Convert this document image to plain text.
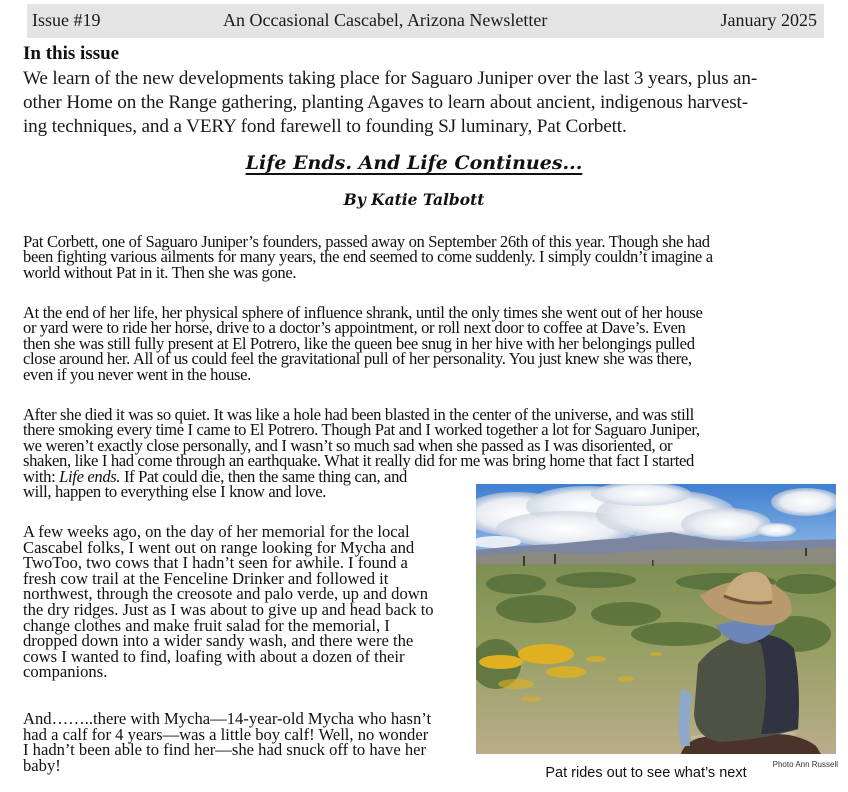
Issue #19	An Occasional Cascabel, Arizona Newsletter	January 2025
In this issue
We learn of the new developments taking place for Saguaro Juniper over the last 3 years, plus an-
other Home on the Range gathering, planting Agaves to learn about ancient, indigenous harvest-
ing techniques, and a VERY fond farewell to founding SJ luminary, Pat Corbett.
Life Ends. And Life Continues...
By Katie Talbott
Pat Corbett, one of Saguaro Juniper’s founders, passed away on September 26th of this year. Though she had
been fighting various ailments for many years, the end seemed to come suddenly. I simply couldn’t imagine a
world without Pat in it. Then she was gone.
At the end of her life, her physical sphere of influence shrank, until the only times she went out of her house
or yard were to ride her horse, drive to a doctor’s appointment, or roll next door to coffee at Dave’s. Even
then she was still fully present at El Potrero, like the queen bee snug in her hive with her belongings pulled
close around her. All of us could feel the gravitational pull of her personality. You just knew she was there,
even if you never went in the house.
After she died it was so quiet. It was like a hole had been blasted in the center of the universe, and was still
there smoking every time I came to El Potrero. Though Pat and I worked together a lot for Saguaro Juniper,
we weren’t exactly close personally, and I wasn’t so much sad when she passed as I was disoriented, or
shaken, like I had come through an earthquake. What it really did for me was bring home that fact I started
with: Life ends. If Pat could die, then the same thing can, and
will, happen to everything else I know and love.
A few weeks ago, on the day of her memorial for the local
Cascabel folks, I went out on range looking for Mycha and
TwoToo, two cows that I hadn’t seen for awhile. I found a
fresh cow trail at the Fenceline Drinker and followed it
northwest, through the creosote and palo verde, up and down
the dry ridges. Just as I was about to give up and head back to
change clothes and make fruit salad for the memorial, I
dropped down into a wider sandy wash, and there were the
cows I wanted to find, loafing with about a dozen of their
companions.
And……..there with Mycha—14-year-old Mycha who hasn’t
had a calf for 4 years—was a little boy calf! Well, no wonder
I hadn’t been able to find her—she had snuck off to have her
baby!	Photo Ann Russell
Pat rides out to see what’s next
